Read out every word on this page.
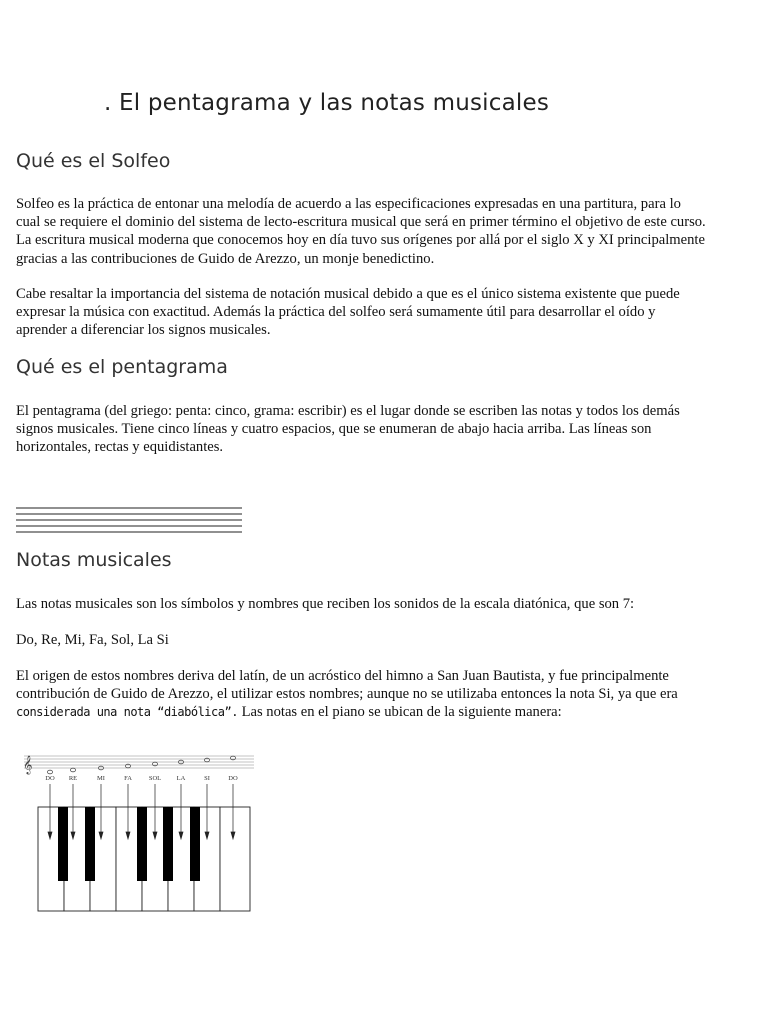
. El pentagrama y las notas musicales
Qué es el Solfeo

Solfeo es la práctica de entonar una melodía de acuerdo a las especificaciones expresadas en una partitura, para lo cual se requiere el dominio del sistema de lecto-escritura musical que será en primer término el objetivo de este curso. La escritura musical moderna que conocemos hoy en día tuvo sus orígenes por allá por el siglo X y XI principalmente gracias a las contribuciones de Guido de Arezzo, un monje benedictino.

Cabe resaltar la importancia del sistema de notación musical debido a que es el único sistema existente que puede expresar la música con exactitud. Además la práctica del solfeo será sumamente útil para desarrollar el oído y aprender a diferenciar los signos musicales.

Qué es el pentagrama

El pentagrama (del griego: penta: cinco, grama: escribir) es el lugar donde se escriben las notas y todos los demás signos musicales. Tiene cinco líneas y cuatro espacios, que se enumeran de abajo hacia arriba. Las líneas son horizontales, rectas y equidistantes.

Notas musicales

Las notas musicales son los símbolos y nombres que reciben los sonidos de la escala diatónica, que son 7:

Do, Re, Mi, Fa, Sol, La Si

El origen de estos nombres deriva del latín, de un acróstico del himno a San Juan Bautista, y fue principalmente contribución de Guido de Arezzo, el utilizar estos nombres; aunque no se utilizaba entonces la nota Si, ya que era considerada una nota “diabólica”. Las notas en el piano se ubican de la siguiente manera:

𝄞
DO RE	MI	FA	SOL LA	SI	DO
